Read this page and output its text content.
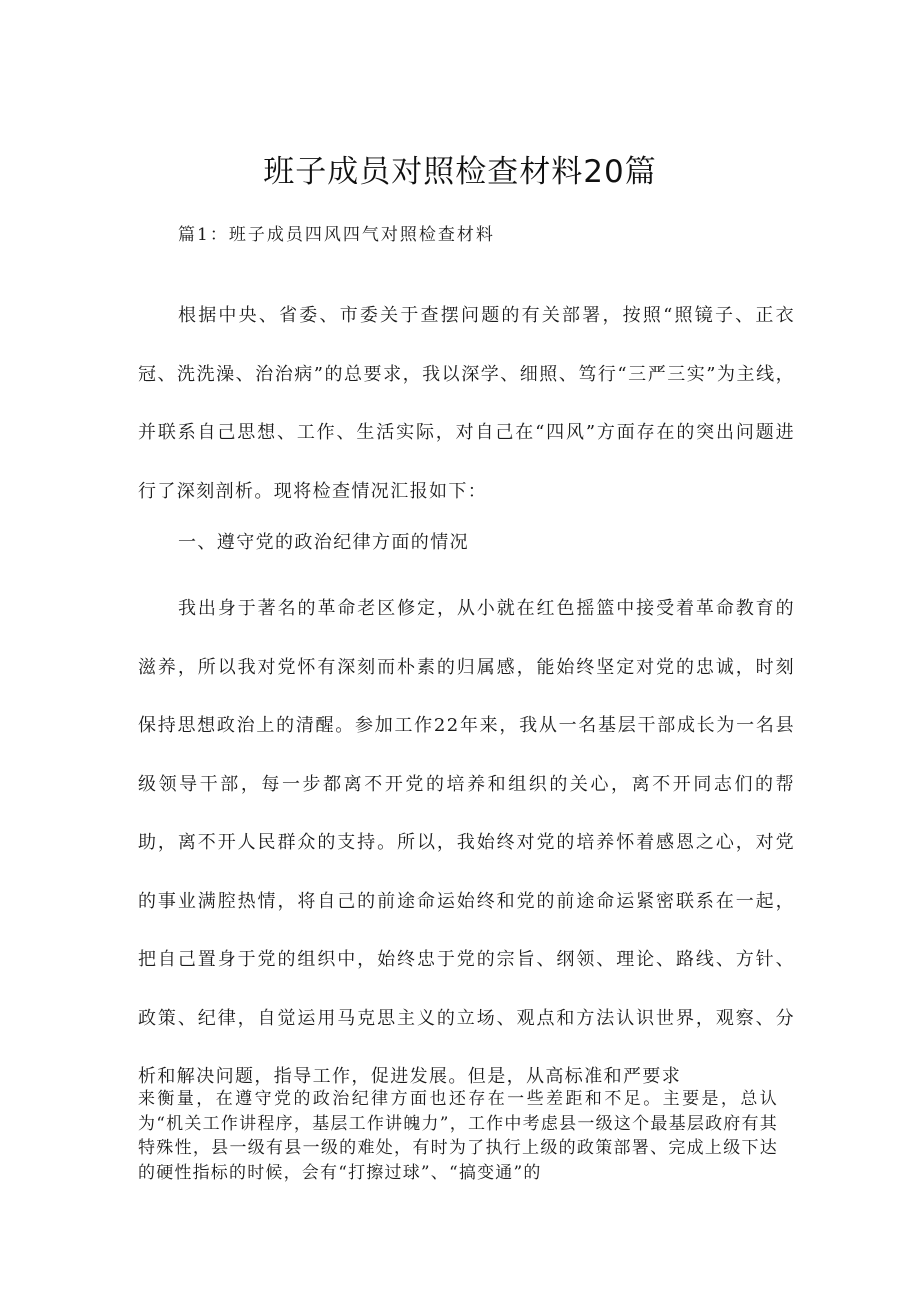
班子成员对照检查材料20篇
篇1：班子成员四风四气对照检查材料

根据中央、省委、市委关于查摆问题的有关部署，按照“照镜子、正衣冠、洗洗澡、治治病”的总要求，我以深学、细照、笃行“三严三实”为主线，并联系自己思想、工作、生活实际，对自己在“四风”方面存在的突出问题进行了深刻剖析。现将检查情况汇报如下：

一、遵守党的政治纪律方面的情况

我出身于著名的革命老区修定，从小就在红色摇篮中接受着革命教育的滋养，所以我对党怀有深刻而朴素的归属感，能始终坚定对党的忠诚，时刻保持思想政治上的清醒。参加工作22年来，我从一名基层干部成长为一名县级领导干部，每一步都离不开党的培养和组织的关心，离不开同志们的帮助，离不开人民群众的支持。所以，我始终对党的培养怀着感恩之心，对党的事业满腔热情，将自己的前途命运始终和党的前途命运紧密联系在一起，把自己置身于党的组织中，始终忠于党的宗旨、纲领、理论、路线、方针、政策、纪律，自觉运用马克思主义的立场、观点和方法认识世界，观察、分析和解决问题，指导工作，促进发展。但是，从高标准和严要求

来衡量，在遵守党的政治纪律方面也还存在一些差距和不足。主要是，总认为“机关工作讲程序，基层工作讲魄力”，工作中考虑县一级这个最基层政府有其特殊性，县一级有县一级的难处，有时为了执行上级的政策部署、完成上级下达的硬性指标的时候，会有“打擦过球”、“搞变通”的
